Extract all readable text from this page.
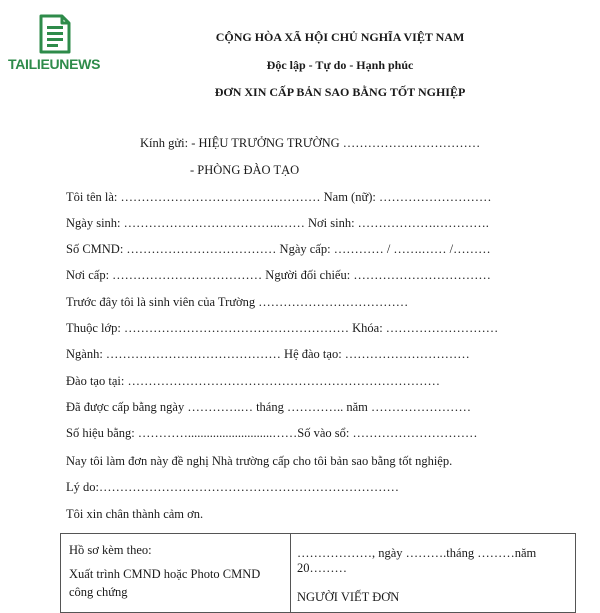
TAILIEUNEWS
CỘNG HÒA XÃ HỘI CHỦ NGHĨA VIỆT NAM
Độc lập - Tự do - Hạnh phúc
ĐƠN XIN CẤP BẢN SAO BẰNG TỐT NGHIỆP
Kính gửi: - HIỆU TRƯỞNG TRƯỜNG ……………………………
- PHÒNG ĐÀO TẠO
Tôi tên là: ………………………………………… Nam (nữ): ………………………
Ngày sinh: ………………………………..…… Nơi sinh: ……………….………….
Số CMND: ……………………………… Ngày cấp: ………… / …….…… /………
Nơi cấp: ……………………………… Người đối chiếu: ……………………………
Trước đây tôi là sinh viên của Trường ………………………………
Thuộc lớp: ……………………………………………… Khóa: ………………………
Ngành: …………………………………… Hệ đào tạo: …………………………
Đào tạo tại: …………………………………………………………………
Đã được cấp bằng ngày ………….… tháng ………….. năm ……………………
Số hiệu bằng: …………...........................……Số vào sổ: …………………………
Nay tôi làm đơn này đề nghị Nhà trường cấp cho tôi bản sao bằng tốt nghiệp.
Lý do:………………………………………………………………
Tôi xin chân thành cảm ơn.
Hồ sơ kèm theo:
Xuất trình CMND hoặc Photo CMND công chứng
………………, ngày ……….tháng ………năm 20………
NGƯỜI VIẾT ĐƠN
